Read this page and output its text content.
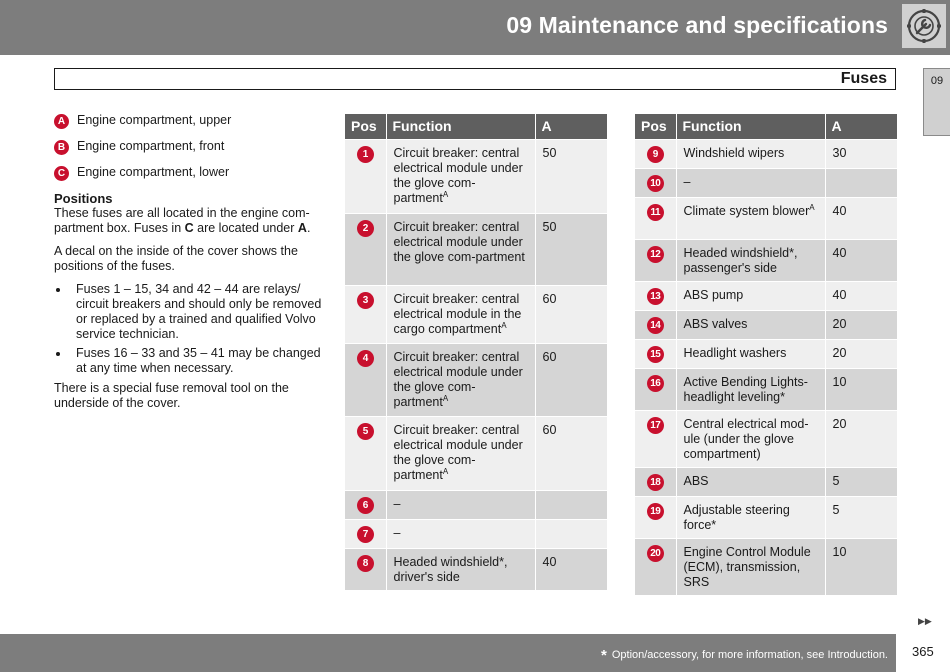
09 Maintenance and specifications
Fuses	09
A Engine compartment, upper
B Engine compartment, front
C Engine compartment, lower
Positions

These fuses are all located in the engine com-partment box. Fuses in C are located under A.

A decal on the inside of the cover shows the positions of the fuses.

Fuses 1 – 15, 34 and 42 – 44 are relays/ circuit breakers and should only be removed or replaced by a trained and qualified Volvo service technician.
Fuses 16 – 33 and 35 – 41 may be changed at any time when necessary.

There is a special fuse removal tool on the underside of the cover.

Pos	Function	A
1	Circuit breaker: central electrical module under the glove com-partment$^A$	50
2	Circuit breaker: central electrical module under the glove com-partment	50
3	Circuit breaker: central electrical module in the cargo compartment$^A$	60
4	Circuit breaker: central electrical module under the glove com-partment$^A$	60
5	Circuit breaker: central electrical module under the glove com-partment$^A$	60
6	–	
7	–	
8	Headed windshield*, driver's side	40
Pos	Function	A
9	Windshield wipers	30
10	–	
11	Climate system blower$^A$	40
12	Headed windshield*, passenger's side	40
13	ABS pump	40
14	ABS valves	20
15	Headlight washers	20
16	Active Bending Lights-headlight leveling*	10
17	Central electrical mod-ule (under the glove compartment)	20
18	ABS	5
19	Adjustable steering force*	5
20	Engine Control Module (ECM), transmission, SRS	10
▶▶
* Option/accessory, for more information, see Introduction. 365
